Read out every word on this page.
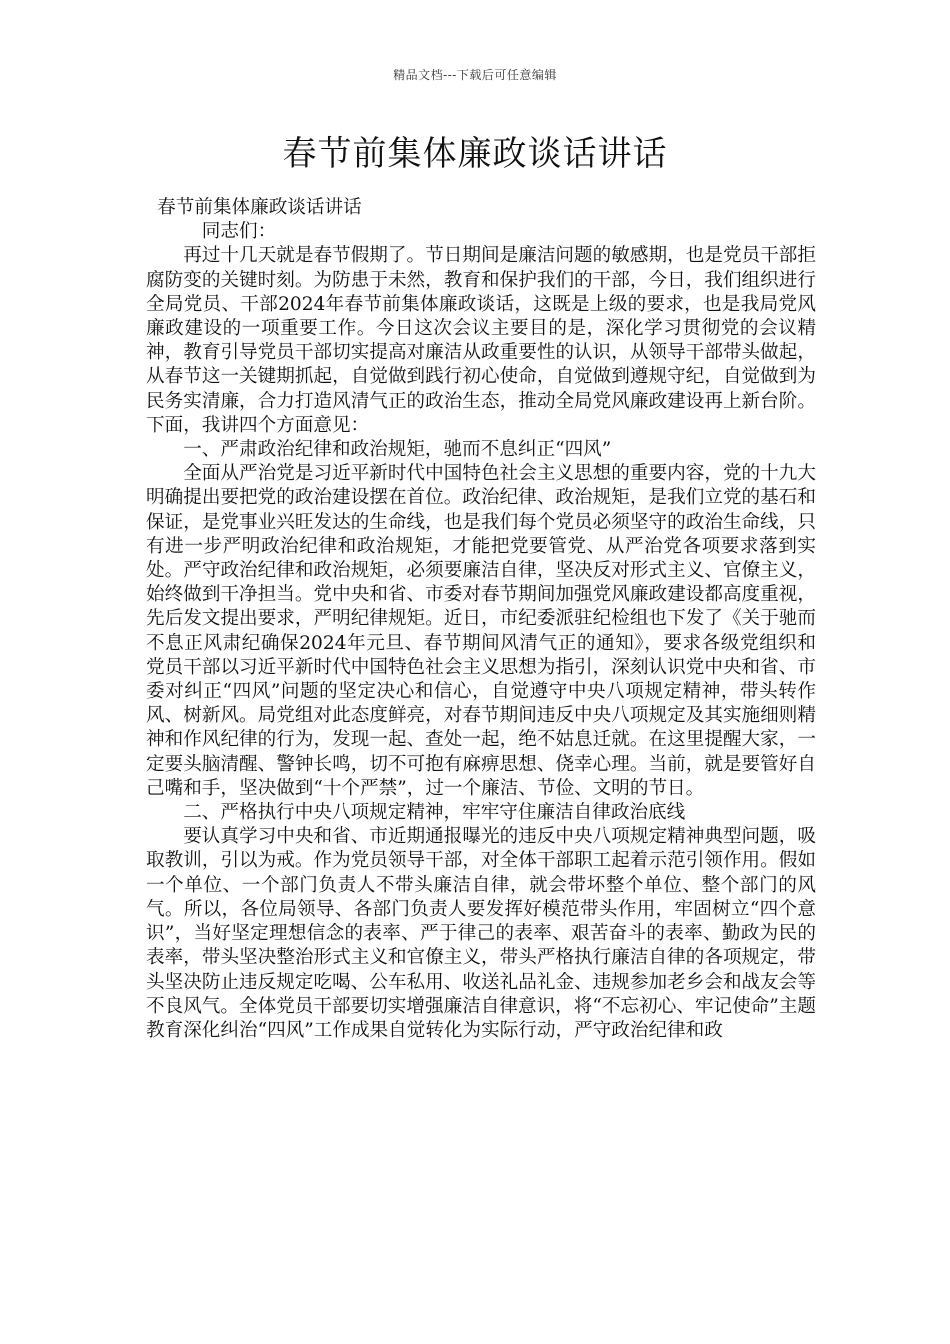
精品文档---下载后可任意编辑
春节前集体廉政谈话讲话

春节前集体廉政谈话讲话

同志们：

再过十几天就是春节假期了。节日期间是廉洁问题的敏感期，也是党员干部拒腐防变的关键时刻。为防患于未然，教育和保护我们的干部，今日，我们组织进行全局党员、干部2024年春节前集体廉政谈话，这既是上级的要求，也是我局党风廉政建设的一项重要工作。今日这次会议主要目的是，深化学习贯彻党的会议精神，教育引导党员干部切实提高对廉洁从政重要性的认识，从领导干部带头做起，从春节这一关键期抓起，自觉做到践行初心使命，自觉做到遵规守纪，自觉做到为民务实清廉，合力打造风清气正的政治生态，推动全局党风廉政建设再上新台阶。下面，我讲四个方面意见：

一、严肃政治纪律和政治规矩，驰而不息纠正“四风”

全面从严治党是习近平新时代中国特色社会主义思想的重要内容，党的十九大明确提出要把党的政治建设摆在首位。政治纪律、政治规矩，是我们立党的基石和保证，是党事业兴旺发达的生命线，也是我们每个党员必须坚守的政治生命线，只有进一步严明政治纪律和政治规矩，才能把党要管党、从严治党各项要求落到实处。严守政治纪律和政治规矩，必须要廉洁自律，坚决反对形式主义、官僚主义，始终做到干净担当。党中央和省、市委对春节期间加强党风廉政建设都高度重视，先后发文提出要求，严明纪律规矩。近日，市纪委派驻纪检组也下发了《关于驰而不息正风肃纪确保2024年元旦、春节期间风清气正的通知》，要求各级党组织和党员干部以习近平新时代中国特色社会主义思想为指引，深刻认识党中央和省、市委对纠正“四风”问题的坚定决心和信心，自觉遵守中央八项规定精神，带头转作风、树新风。局党组对此态度鲜亮，对春节期间违反中央八项规定及其实施细则精神和作风纪律的行为，发现一起、查处一起，绝不姑息迁就。在这里提醒大家，一定要头脑清醒、警钟长鸣，切不可抱有麻痹思想、侥幸心理。当前，就是要管好自己嘴和手，坚决做到“十个严禁”，过一个廉洁、节俭、文明的节日。

二、严格执行中央八项规定精神，牢牢守住廉洁自律政治底线

要认真学习中央和省、市近期通报曝光的违反中央八项规定精神典型问题，吸取教训，引以为戒。作为党员领导干部，对全体干部职工起着示范引领作用。假如一个单位、一个部门负责人不带头廉洁自律，就会带坏整个单位、整个部门的风气。所以，各位局领导、各部门负责人要发挥好模范带头作用，牢固树立“四个意识”，当好坚定理想信念的表率、严于律己的表率、艰苦奋斗的表率、勤政为民的表率，带头坚决整治形式主义和官僚主义，带头严格执行廉洁自律的各项规定，带头坚决防止违反规定吃喝、公车私用、收送礼品礼金、违规参加老乡会和战友会等不良风气。全体党员干部要切实增强廉洁自律意识，将“不忘初心、牢记使命”主题教育深化纠治“四风”工作成果自觉转化为实际行动，严守政治纪律和政
